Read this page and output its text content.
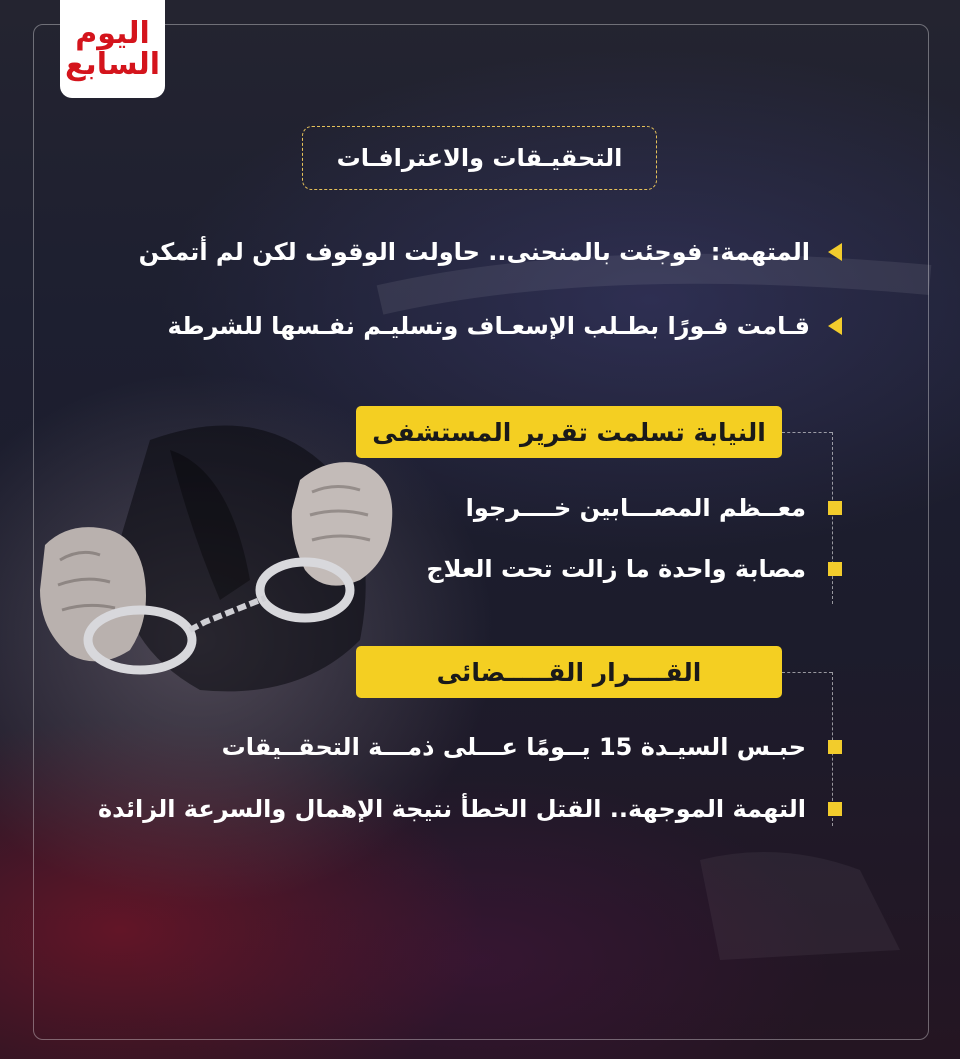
اليوم
السابع
التحقيـقات والاعترافـات
المتهمة: فوجئت بالمنحنى.. حاولت الوقوف لكن لم أتمكن
قـامت فـورًا بطـلب الإسعـاف وتسليـم نفـسها للشرطة
النيابة تسلمت تقرير المستشفى
معــظم المصـــابين خــــرجوا
مصابة واحدة ما زالت تحت العلاج
القــــرار القـــــضائى
حبـس السيـدة 15 يــومًا عـــلى ذمـــة التحقــيقات
التهمة الموجهة.. القتل الخطأ نتيجة الإهمال والسرعة الزائدة
